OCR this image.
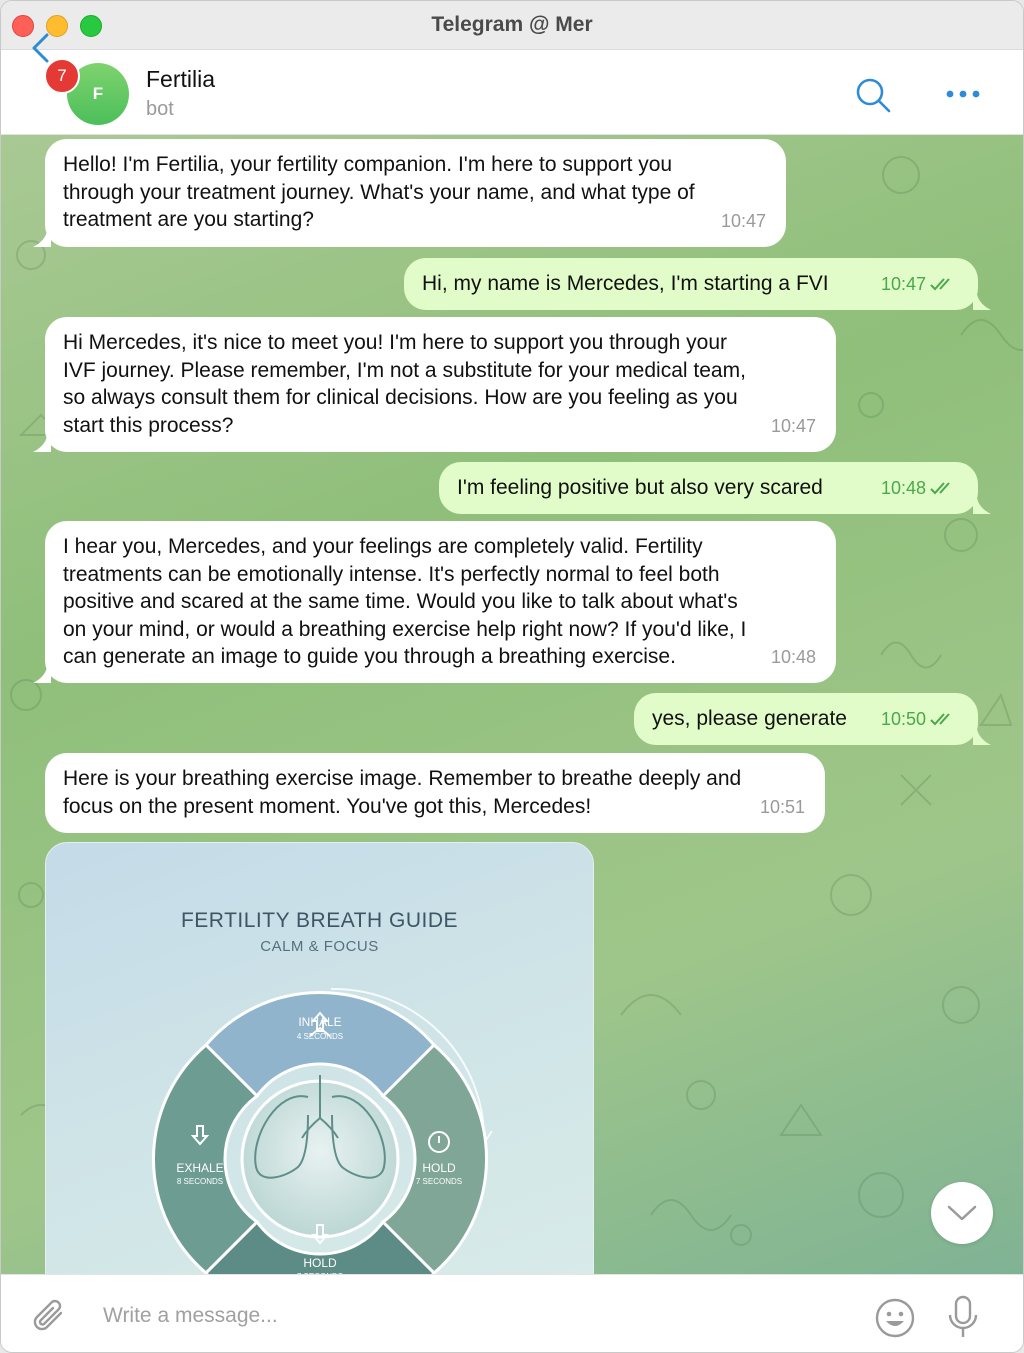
Telegram @ Mer
7
F
Fertilia
bot
Hello! I'm Fertilia, your fertility companion. I'm here to support you
through your treatment journey. What's your name, and what type of
treatment are you starting?	10:47
Hi, my name is Mercedes, I'm starting a FVI	10:47
Hi Mercedes, it's nice to meet you! I'm here to support you through your
IVF journey. Please remember, I'm not a substitute for your medical team,
so always consult them for clinical decisions. How are you feeling as you
start this process?	10:47
I'm feeling positive but also very scared	10:48
I hear you, Mercedes, and your feelings are completely valid. Fertility
treatments can be emotionally intense. It's perfectly normal to feel both
positive and scared at the same time. Would you like to talk about what's
on your mind, or would a breathing exercise help right now? If you'd like, I
can generate an image to guide you through a breathing exercise.	10:48
yes, please generate 10:50
Here is your breathing exercise image. Remember to breathe deeply and
focus on the present moment. You've got this, Mercedes!	10:51
FERTILITY BREATH GUIDE
CALM & FOCUS
INHALE
4 SECONDS
HOLD
7 SECONDS
EXHALE
8 SECONDS
HOLD
Write a message...
